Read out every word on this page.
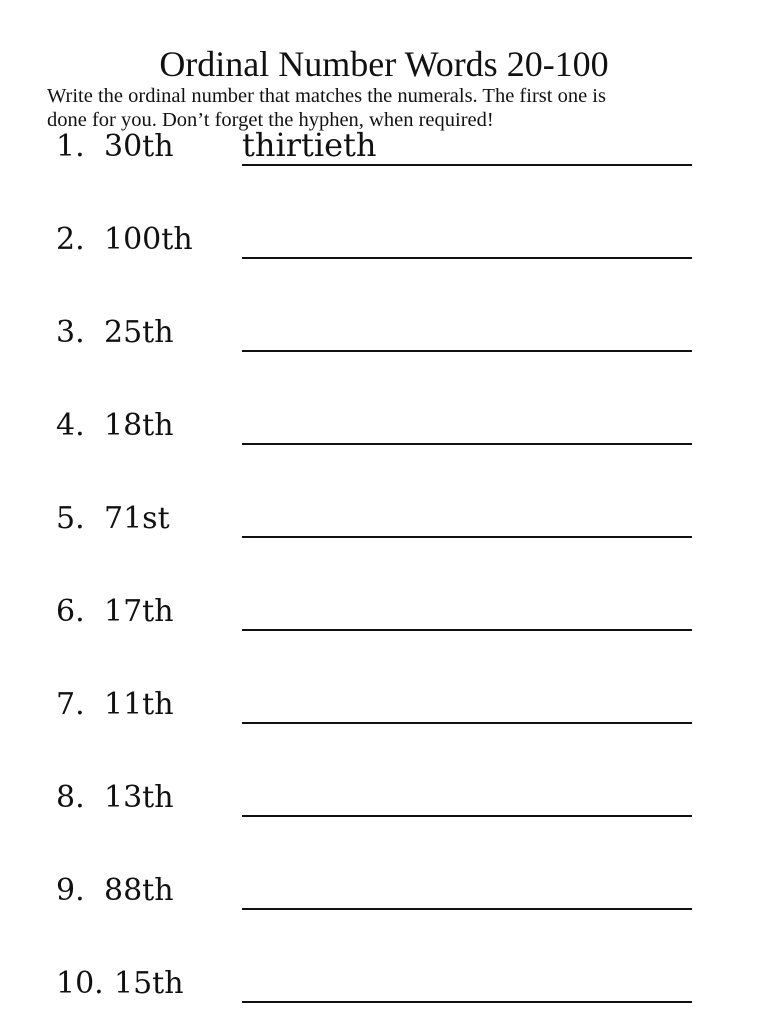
Ordinal Number Words 20-100
Write the ordinal number that matches the numerals. The first one is
done for you. Don’t forget the hyphen, when required!
1. 30th thirtieth
2. 100th
3. 25th
4. 18th
5. 71st
6. 17th
7. 11th
8. 13th
9. 88th
10. 15th
